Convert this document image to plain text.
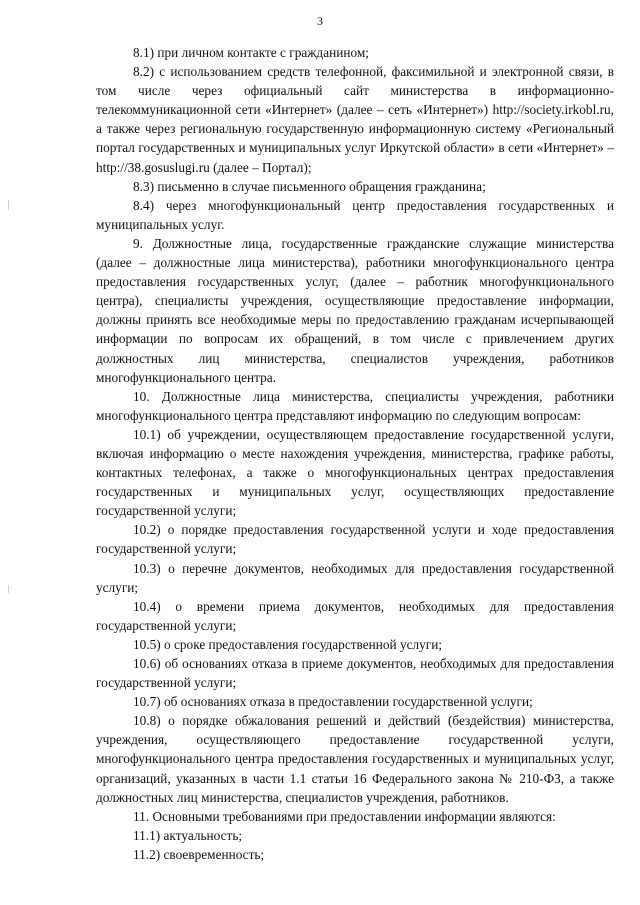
3

8.1) при личном контакте с гражданином;

8.2) с использованием средств телефонной, факсимильной и электронной связи, в том числе через официальный сайт министерства в информационно-телекоммуникационной сети «Интернет» (далее – сеть «Интернет») http://society.irkobl.ru, а также через региональную государственную информационную систему «Региональный портал государственных и муниципальных услуг Иркутской области» в сети «Интернет» – http://38.gosuslugi.ru (далее – Портал);

8.3) письменно в случае письменного обращения гражданина;

8.4) через многофункциональный центр предоставления государственных и муниципальных услуг.

9. Должностные лица, государственные гражданские служащие министерства (далее – должностные лица министерства), работники многофункционального центра предоставления государственных услуг, (далее – работник многофункционального центра), специалисты учреждения, осуществляющие предоставление информации, должны принять все необходимые меры по предоставлению гражданам исчерпывающей информации по вопросам их обращений, в том числе с привлечением других должностных лиц министерства, специалистов учреждения, работников многофункционального центра.

10. Должностные лица министерства, специалисты учреждения, работники многофункционального центра представляют информацию по следующим вопросам:

10.1) об учреждении, осуществляющем предоставление государственной услуги, включая информацию о месте нахождения учреждения, министерства, графике работы, контактных телефонах, а также о многофункциональных центрах предоставления государственных и муниципальных услуг, осуществляющих предоставление государственной услуги;

10.2) о порядке предоставления государственной услуги и ходе предоставления государственной услуги;

10.3) о перечне документов, необходимых для предоставления государственной услуги;

10.4) о времени приема документов, необходимых для предоставления государственной услуги;

10.5) о сроке предоставления государственной услуги;

10.6) об основаниях отказа в приеме документов, необходимых для предоставления государственной услуги;

10.7) об основаниях отказа в предоставлении государственной услуги;

10.8) о порядке обжалования решений и действий (бездействия) министерства, учреждения, осуществляющего предоставление государственной услуги, многофункционального центра предоставления государственных и муниципальных услуг, организаций, указанных в части 1.1 статьи 16 Федерального закона № 210-ФЗ, а также должностных лиц министерства, специалистов учреждения, работников.

11. Основными требованиями при предоставлении информации являются:

11.1) актуальность;

11.2) своевременность;
